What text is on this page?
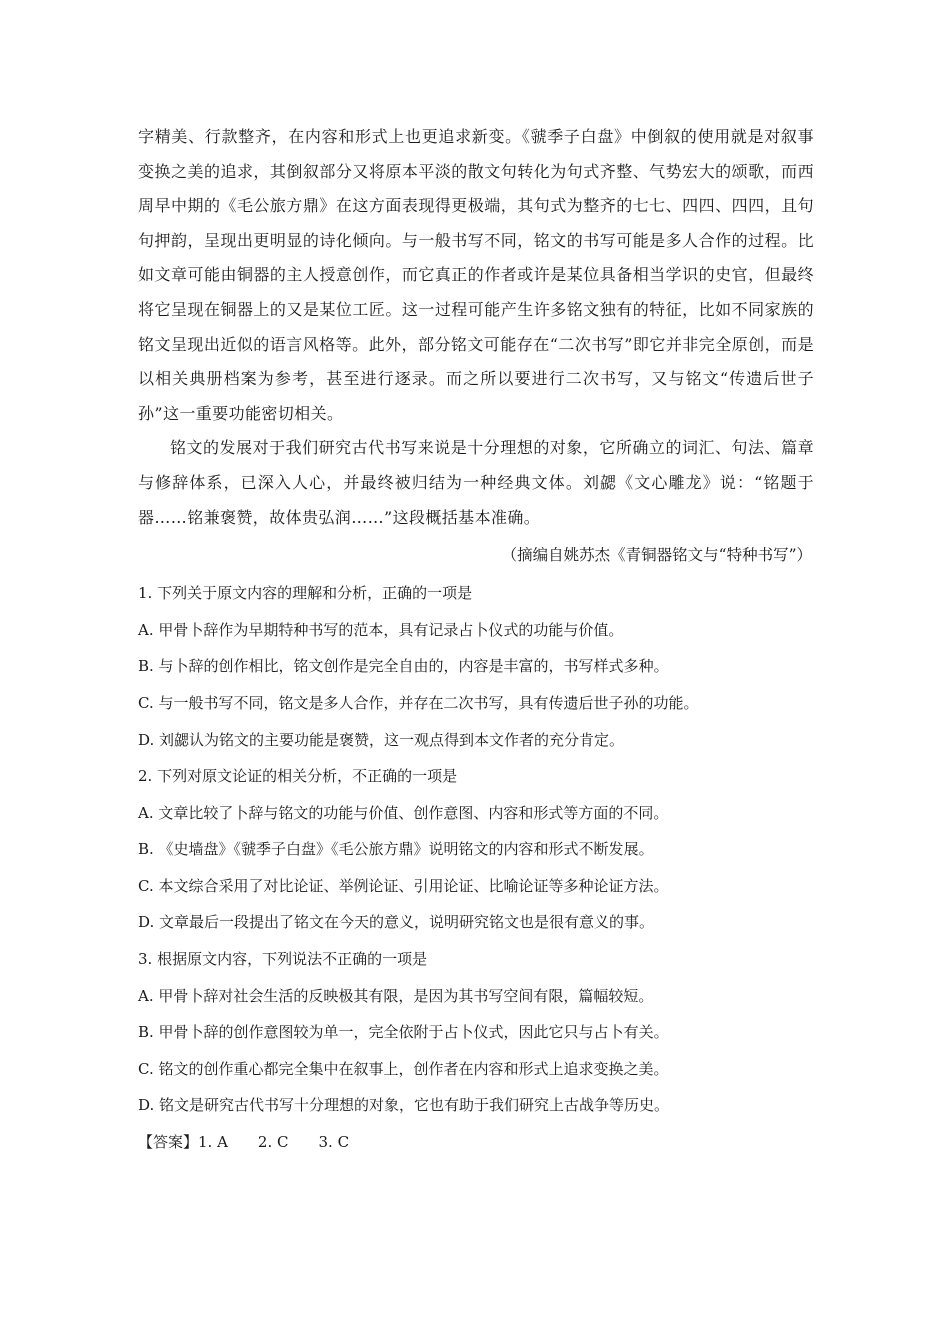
字精美、行款整齐，在内容和形式上也更追求新变。《虢季子白盘》中倒叙的使用就是对叙事变换之美的追求，其倒叙部分又将原本平淡的散文句转化为句式齐整、气势宏大的颂歌，而西周早中期的《毛公旅方鼎》在这方面表现得更极端，其句式为整齐的七七、四四、四四，且句句押韵，呈现出更明显的诗化倾向。与一般书写不同，铭文的书写可能是多人合作的过程。比如文章可能由铜器的主人授意创作，而它真正的作者或许是某位具备相当学识的史官，但最终将它呈现在铜器上的又是某位工匠。这一过程可能产生许多铭文独有的特征，比如不同家族的铭文呈现出近似的语言风格等。此外，部分铭文可能存在“二次书写”即它并非完全原创，而是以相关典册档案为参考，甚至进行逐录。而之所以要进行二次书写，又与铭文“传遗后世子孙”这一重要功能密切相关。

铭文的发展对于我们研究古代书写来说是十分理想的对象，它所确立的词汇、句法、篇章与修辞体系，已深入人心，并最终被归结为一种经典文体。刘勰《文心雕龙》说：“铭题于器……铭兼褒赞，故体贵弘润……”这段概括基本准确。

（摘编自姚苏杰《青铜器铭文与“特种书写”）

1. 下列关于原文内容的理解和分析，正确的一项是

A. 甲骨卜辞作为早期特种书写的范本，具有记录占卜仪式的功能与价值。

B. 与卜辞的创作相比，铭文创作是完全自由的，内容是丰富的，书写样式多种。

C. 与一般书写不同，铭文是多人合作，并存在二次书写，具有传遗后世子孙的功能。

D. 刘勰认为铭文的主要功能是褒赞，这一观点得到本文作者的充分肯定。

2. 下列对原文论证的相关分析，不正确的一项是

A. 文章比较了卜辞与铭文的功能与价值、创作意图、内容和形式等方面的不同。

B. 《史墙盘》《虢季子白盘》《毛公旅方鼎》说明铭文的内容和形式不断发展。

C. 本文综合采用了对比论证、举例论证、引用论证、比喻论证等多种论证方法。

D. 文章最后一段提出了铭文在今天的意义，说明研究铭文也是很有意义的事。

3. 根据原文内容，下列说法不正确的一项是

A. 甲骨卜辞对社会生活的反映极其有限，是因为其书写空间有限，篇幅较短。

B. 甲骨卜辞的创作意图较为单一，完全依附于占卜仪式，因此它只与占卜有关。

C. 铭文的创作重心都完全集中在叙事上，创作者在内容和形式上追求变换之美。

D. 铭文是研究古代书写十分理想的对象，它也有助于我们研究上古战争等历史。

【答案】1. A　　2. C　　3. C
